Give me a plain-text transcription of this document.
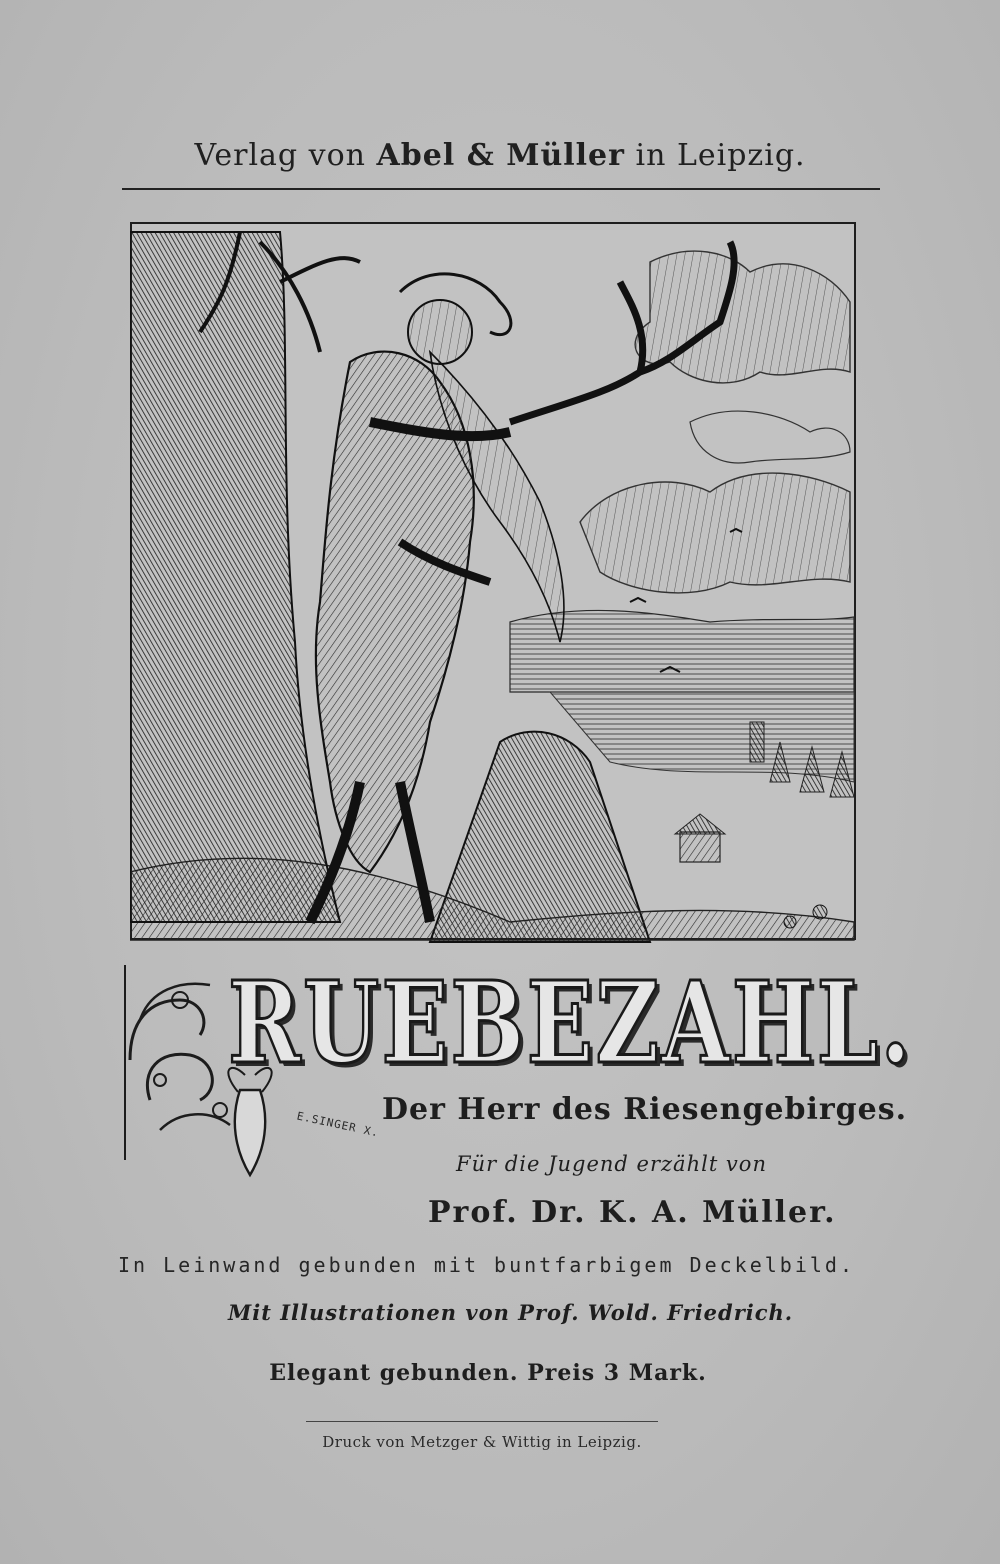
Verlag von Abel & Müller in Leipzig.
RUEBEZAHL.
E.SINGER X. Der Herr des Riesengebirges.
Für die Jugend erzählt von
Prof. Dr. K. A. Müller.
In Leinwand gebunden mit buntfarbigem Deckelbild.
Mit Illustrationen von Prof. Wold. Friedrich.
Elegant gebunden. Preis 3 Mark.
Druck von Metzger & Wittig in Leipzig.
